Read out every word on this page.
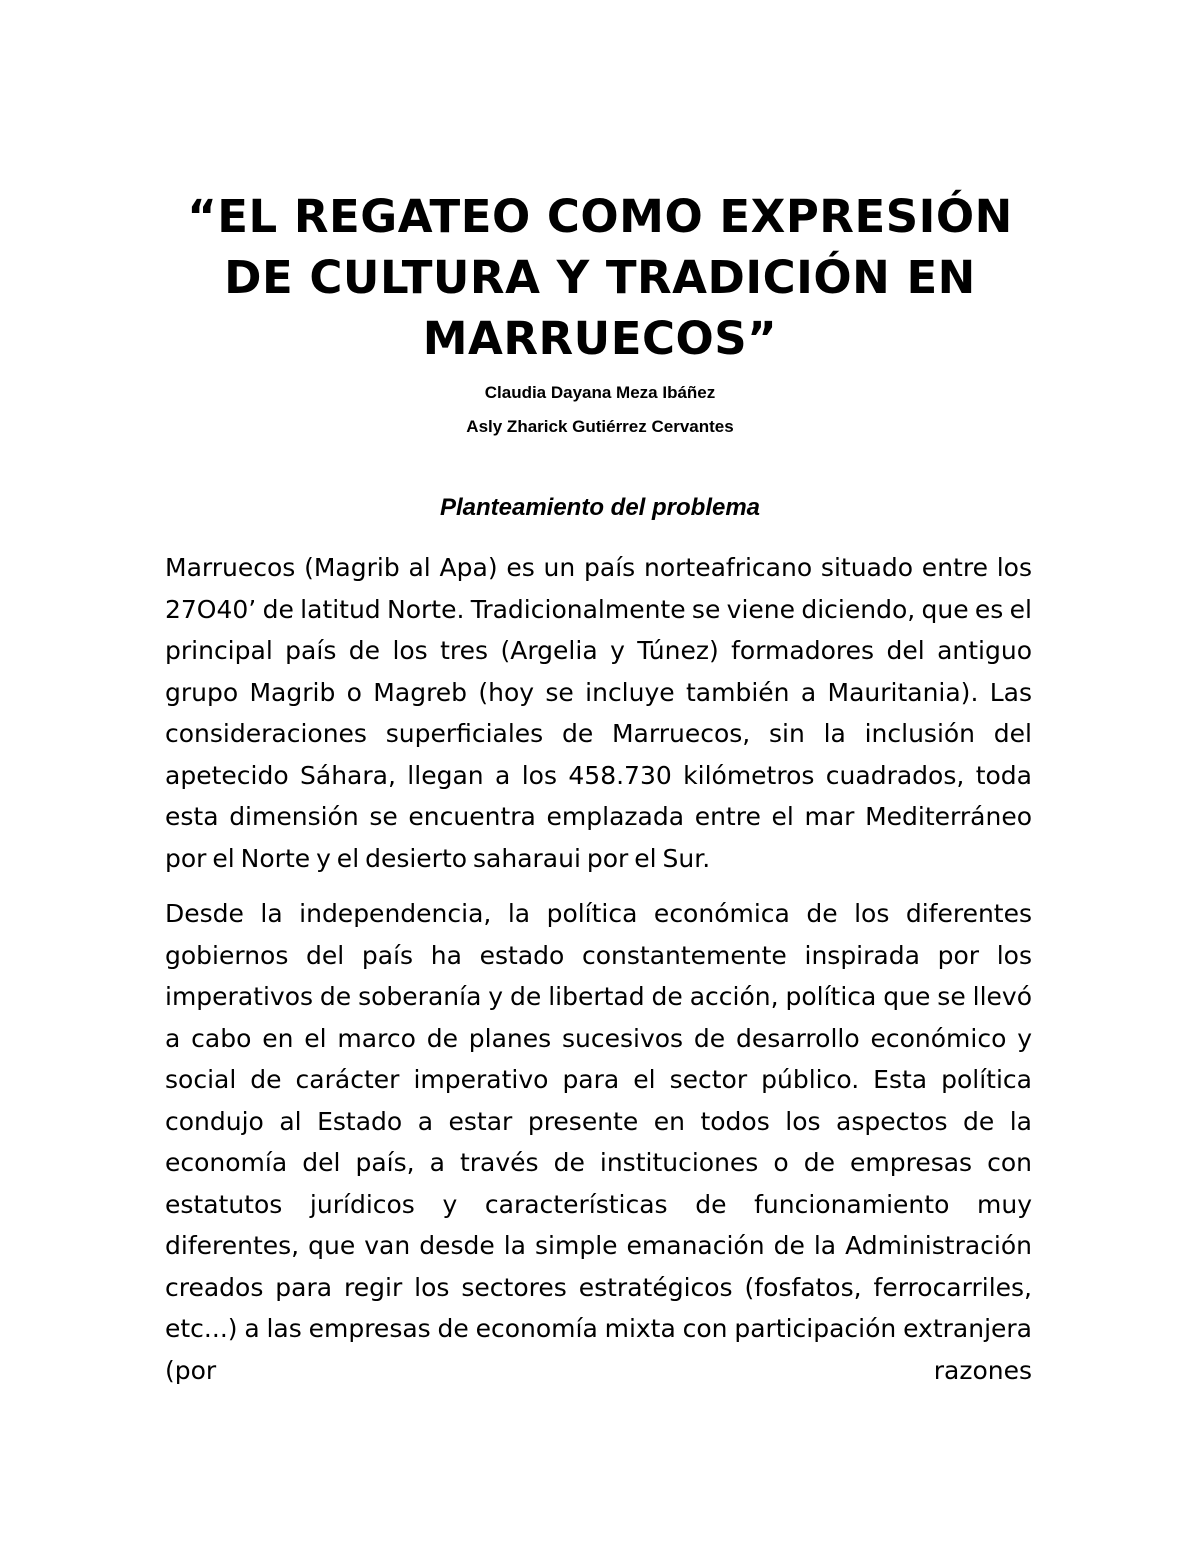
“EL REGATEO COMO EXPRESIÓN
DE CULTURA Y TRADICIÓN EN
MARRUECOS”
Claudia Dayana Meza Ibáñez
Asly Zharick Gutiérrez Cervantes
Planteamiento del problema

Marruecos (Magrib al Apa) es un país norteafricano situado entre los 27O40’ de latitud Norte. Tradicionalmente se viene diciendo, que es el principal país de los tres (Argelia y Túnez) formadores del antiguo grupo Magrib o Magreb (hoy se incluye también a Mauritania). Las consideraciones superficiales de Marruecos, sin la inclusión del apetecido Sáhara, llegan a los 458.730 kilómetros cuadrados, toda esta dimensión se encuentra emplazada entre el mar Mediterráneo por el Norte y el desierto saharaui por el Sur.

Desde la independencia, la política económica de los diferentes gobiernos del país ha estado constantemente inspirada por los imperativos de soberanía y de libertad de acción, política que se llevó a cabo en el marco de planes sucesivos de desarrollo económico y social de carácter imperativo para el sector público. Esta política condujo al Estado a estar presente en todos los aspectos de la economía del país, a través de instituciones o de empresas con estatutos jurídicos y características de funcionamiento muy diferentes, que van desde la simple emanación de la Administración creados para regir los sectores estratégicos (fosfatos, ferrocarriles, etc...) a las empresas de economía mixta con participación extranjera (por razones
